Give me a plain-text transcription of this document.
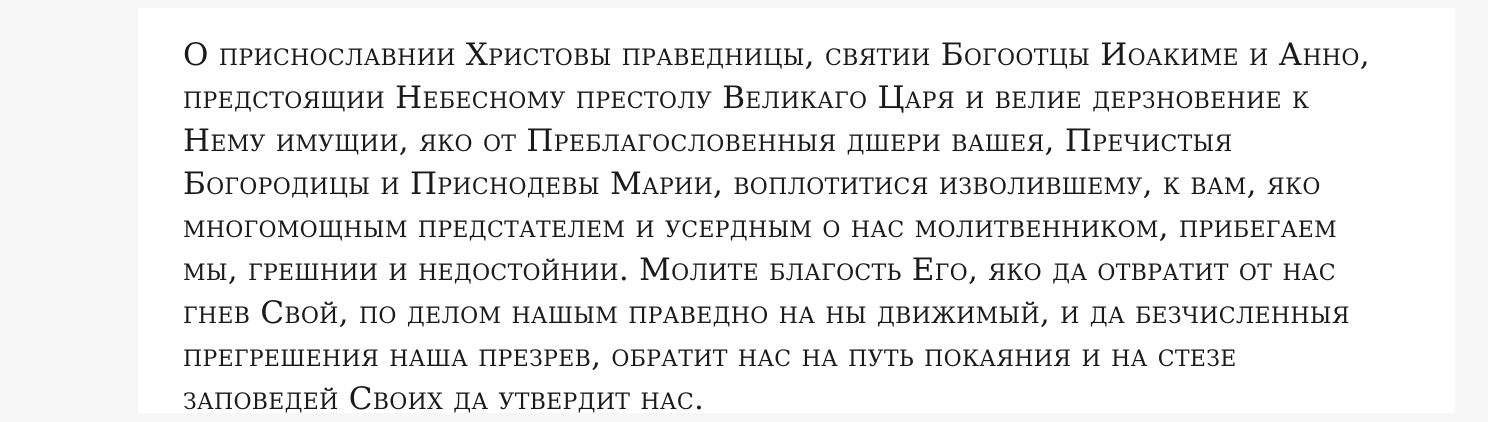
О приснославнии Христовы праведницы, святии Богоотцы Иоакиме и Анно,
предстоящии Небесному престолу Великаго Царя и велие дерзновение к
Нему имущии, яко от Преблагословенныя дшери вашея, Пречистыя
Богородицы и Приснодевы Марии, воплотитися изволившему, к вам, яко
многомощным предстателем и усердным о нас молитвенником, прибегаем
мы, грешнии и недостойнии. Молите благость Его, яко да отвратит от нас
гнев Свой, по делом нашым праведно на ны движимый, и да безчисленныя
прегрешения наша презрев, обратит нас на путь покаяния и на стезе
заповедей Своих да утвердит нас.
